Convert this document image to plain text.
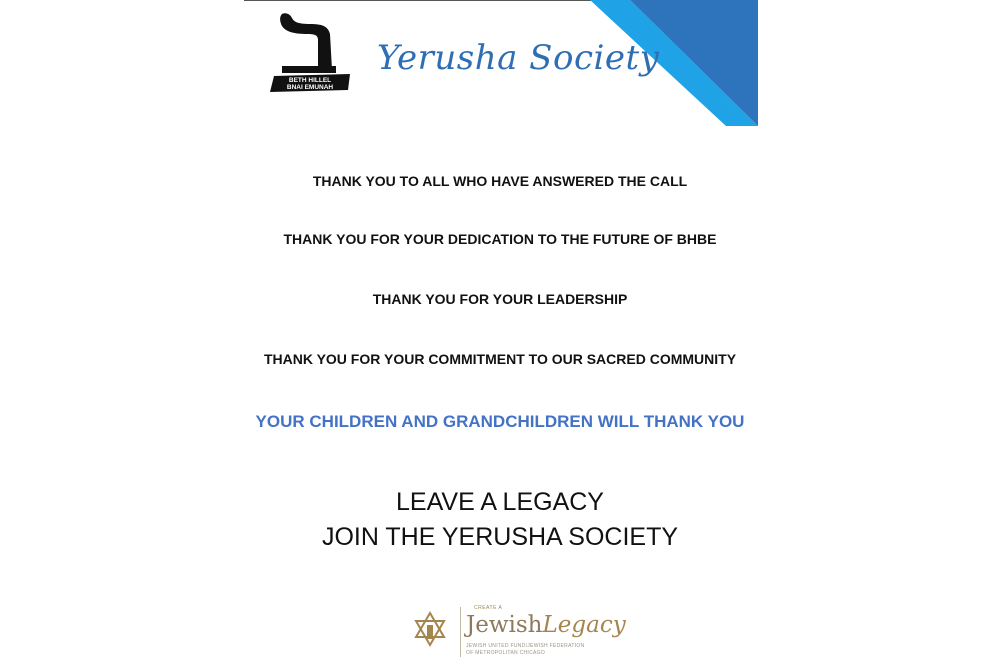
BETH HILLEL
BNAI EMUNAH
Yerusha Society
THANK YOU TO ALL WHO HAVE ANSWERED THE CALL
THANK YOU FOR YOUR DEDICATION TO THE FUTURE OF BHBE
THANK YOU FOR YOUR LEADERSHIP
THANK YOU FOR YOUR COMMITMENT TO OUR SACRED COMMUNITY
YOUR CHILDREN AND GRANDCHILDREN WILL THANK YOU
LEAVE A LEGACY
JOIN THE YERUSHA SOCIETY
CREATE A
JewishLegacy
JEWISH UNITED FUND/JEWISH FEDERATION
OF METROPOLITAN CHICAGO
